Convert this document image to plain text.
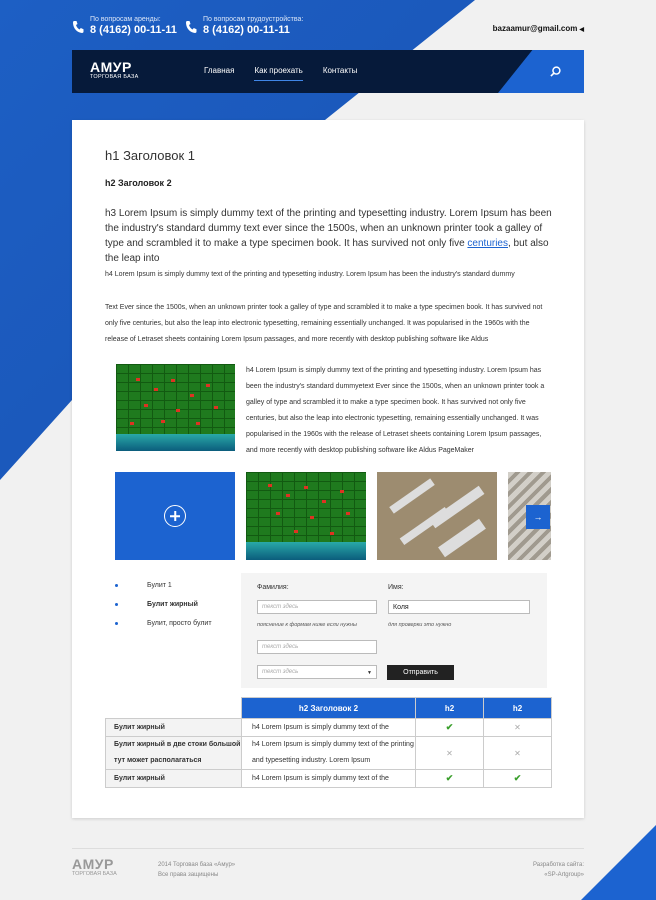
По вопросам аренды:
8 (4162) 00-11-11
По вопросам трудоустройства:
8 (4162) 00-11-11	bazaamur@gmail.com ◀
АМУР
ТОРГОВАЯ БАЗА
Главная	Как проехать	Контакты
h1 Заголовок 1
h2 Заголовок 2
h3 Lorem Ipsum is simply dummy text of the printing and typesetting industry. Lorem Ipsum has been the industry's standard dummy text ever since the 1500s, when an unknown printer took a galley of type and scrambled it to make a type specimen book. It has survived not only five centuries, but also the leap into
h4 Lorem Ipsum is simply dummy text of the printing and typesetting industry. Lorem Ipsum has been the industry's standard dummy
Text Ever since the 1500s, when an unknown printer took a galley of type and scrambled it to make a type specimen book. It has survived not only five centuries, but also the leap into electronic typesetting, remaining essentially unchanged. It was popularised in the 1960s with the release of Letraset sheets containing Lorem Ipsum passages, and more recently with desktop publishing software like Aldus
h4 Lorem Ipsum is simply dummy text of the printing and typesetting industry. Lorem Ipsum has been the industry's standard dummyetext Ever since the 1500s, when an unknown printer took a galley of type and scrambled it to make a type specimen book. It has survived not only five centuries, but also the leap into electronic typesetting, remaining essentially unchanged. It was popularised in the 1960s with the release of Letraset sheets containing Lorem Ipsum passages, and more recently with desktop publishing software like Aldus PageMaker
→
Булит 1
Булит жирный
Булит, просто булит
Фамилия:
текст здесь
пояснение к формам ниже если нужны
Имя:
Коля
для проверки это нужно
текст здесь
текст здесь	▼	Отправить
	h2 Заголовок 2	h2	h2
Булит жирный	h4 Lorem Ipsum is simply dummy text of the	✔	✕
Булит жирный в две стоки большой тут может располагаться	h4 Lorem Ipsum is simply dummy text of the printing and typesetting industry. Lorem Ipsum	✕	✕
Булит жирный	h4 Lorem Ipsum is simply dummy text of the	✔	✔
АМУР
ТОРГОВАЯ БАЗА
2014 Торговая база «Амур»
Все права защищены
Разработка сайта:
«SP-Artgroup»
